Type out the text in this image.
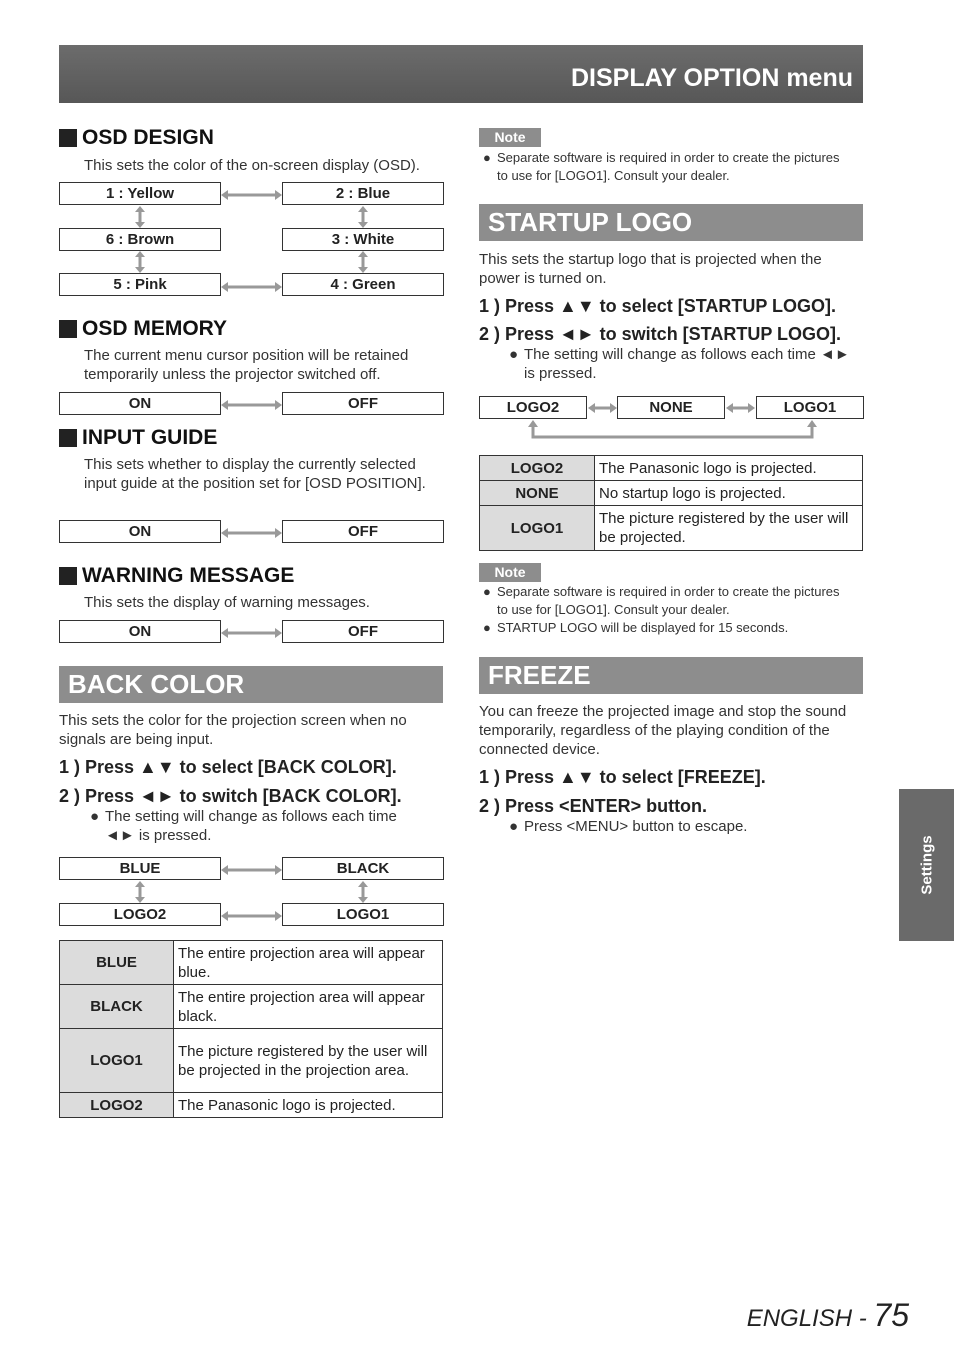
DISPLAY OPTION menu
OSD DESIGN
This sets the color of the on-screen display (OSD).
1 : Yellow	2 : Blue
6 : Brown	3 : White
5 : Pink	4 : Green
OSD MEMORY
The current menu cursor position will be retained temporarily unless the projector switched off.
ON	OFF
INPUT GUIDE
This sets whether to display the currently selected input guide at the position set for [OSD POSITION].
ON	OFF
WARNING MESSAGE
This sets the display of warning messages.
ON	OFF
BACK COLOR
This sets the color for the projection screen when no signals are being input.
1 ) Press ▲▼ to select [BACK COLOR].
2 ) Press ◄► to switch [BACK COLOR].
● The setting will change as follows each time ◄► is pressed.
BLUE	BLACK
LOGO2	LOGO1
BLUE	The entire projection area will appear blue.
BLACK	The entire projection area will appear black.
LOGO1	The picture registered by the user will be projected in the projection area.
LOGO2	The Panasonic logo is projected.
Note
● Separate software is required in order to create the pictures to use for [LOGO1]. Consult your dealer.
STARTUP LOGO
This sets the startup logo that is projected when the power is turned on.
1 ) Press ▲▼ to select [STARTUP LOGO].
2 ) Press ◄► to switch [STARTUP LOGO].
● The setting will change as follows each time ◄► is pressed.
LOGO2	NONE	LOGO1
LOGO2	The Panasonic logo is projected.
NONE	No startup logo is projected.
LOGO1	The picture registered by the user will be projected.
Note
● Separate software is required in order to create the pictures to use for [LOGO1]. Consult your dealer.
● STARTUP LOGO will be displayed for 15 seconds.
FREEZE
You can freeze the projected image and stop the sound temporarily, regardless of the playing condition of the connected device.
1 ) Press ▲▼ to select [FREEZE].
2 ) Press <ENTER> button.
● Press <MENU> button to escape.
Settings
ENGLISH - 75
